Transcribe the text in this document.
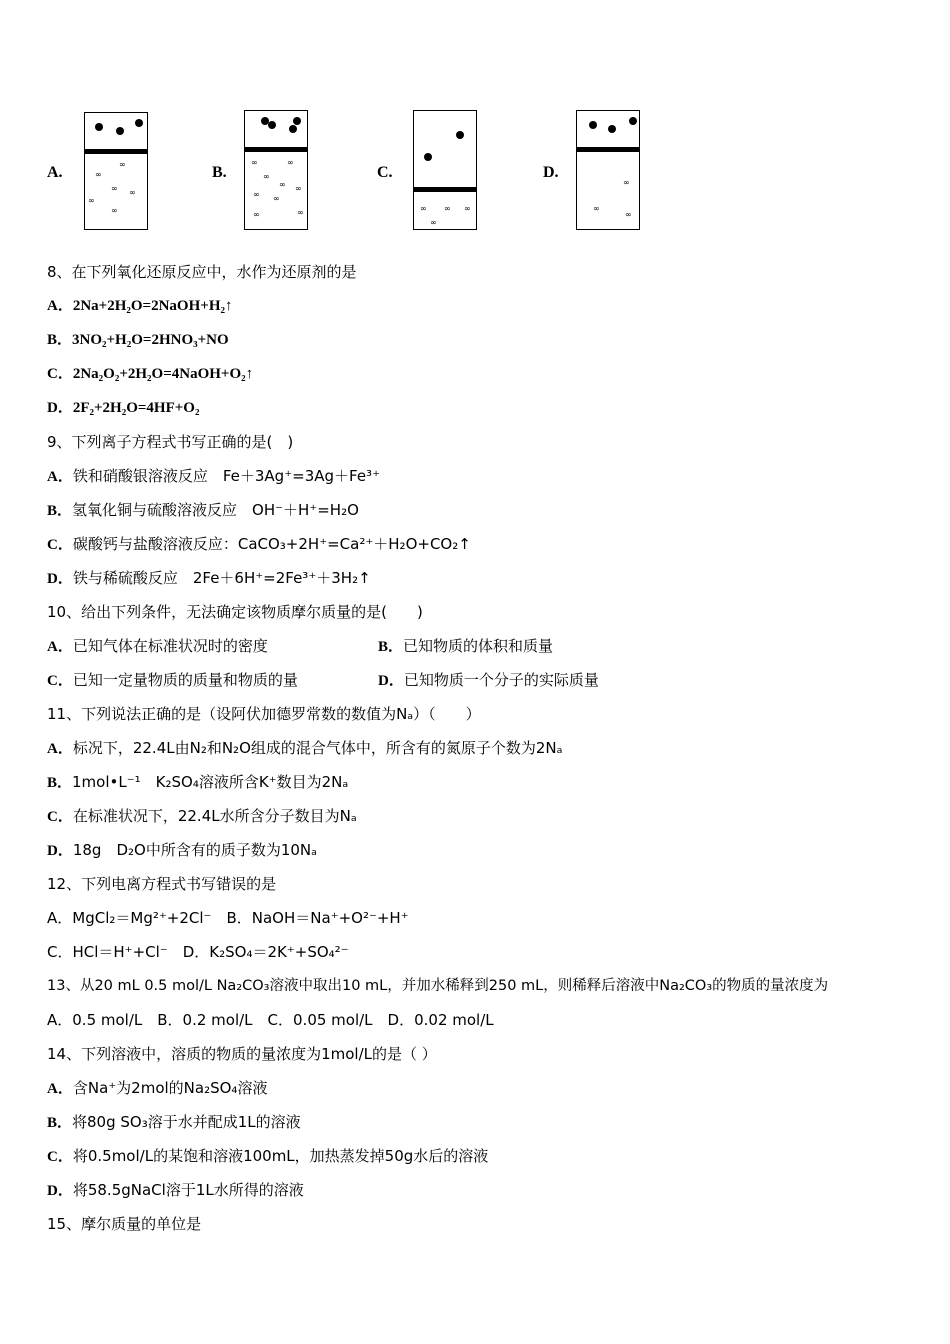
A.	∞
∞
∞ ∞
∞
∞
B.
∞	∞
∞
∞ ∞
∞ ∞
∞	∞
C.
∞ ∞ ∞
∞
D.
∞
∞
∞
8、在下列氧化还原反应中，水作为还原剂的是
A．2Na+2H₂O=2NaOH+H₂↑
B．3NO₂+H₂O=2HNO₃+NO
C．2Na₂O₂+2H₂O=4NaOH+O₂↑
D．2F₂+2H₂O=4HF+O₂
9、下列离子方程式书写正确的是(　)
A．铁和硝酸银溶液反应　Fe＋3Ag⁺=3Ag＋Fe³⁺
B．氢氧化铜与硫酸溶液反应　OH⁻＋H⁺=H₂O
C．碳酸钙与盐酸溶液反应：CaCO₃+2H⁺=Ca²⁺＋H₂O+CO₂↑
D．铁与稀硫酸反应　2Fe＋6H⁺=2Fe³⁺＋3H₂↑
10、给出下列条件，无法确定该物质摩尔质量的是(　　)
A．已知气体在标准状况时的密度	B．已知物质的体积和质量
C．已知一定量物质的质量和物质的量	D．已知物质一个分子的实际质量
11、下列说法正确的是（设阿伏加德罗常数的数值为Nₐ）（　　）
A．标况下，22.4L由N₂和N₂O组成的混合气体中，所含有的氮原子个数为2Nₐ
B．1mol•L⁻¹　K₂SO₄溶液所含K⁺数目为2Nₐ
C．在标准状况下，22.4L水所含分子数目为Nₐ
D．18g　D₂O中所含有的质子数为10Nₐ
12、下列电离方程式书写错误的是
A．MgCl₂＝Mg²⁺+2Cl⁻　B．NaOH＝Na⁺+O²⁻+H⁺
C．HCl＝H⁺+Cl⁻　D．K₂SO₄＝2K⁺+SO₄²⁻
13、从20 mL 0.5 mol/L Na₂CO₃溶液中取出10 mL，并加水稀释到250 mL，则稀释后溶液中Na₂CO₃的物质的量浓度为
A．0.5 mol/L　B．0.2 mol/L　C．0.05 mol/L　D．0.02 mol/L
14、下列溶液中，溶质的物质的量浓度为1mol/L的是（ ）
A．含Na⁺为2mol的Na₂SO₄溶液
B．将80g SO₃溶于水并配成1L的溶液
C．将0.5mol/L的某饱和溶液100mL，加热蒸发掉50g水后的溶液
D．将58.5gNaCl溶于1L水所得的溶液
15、摩尔质量的单位是
